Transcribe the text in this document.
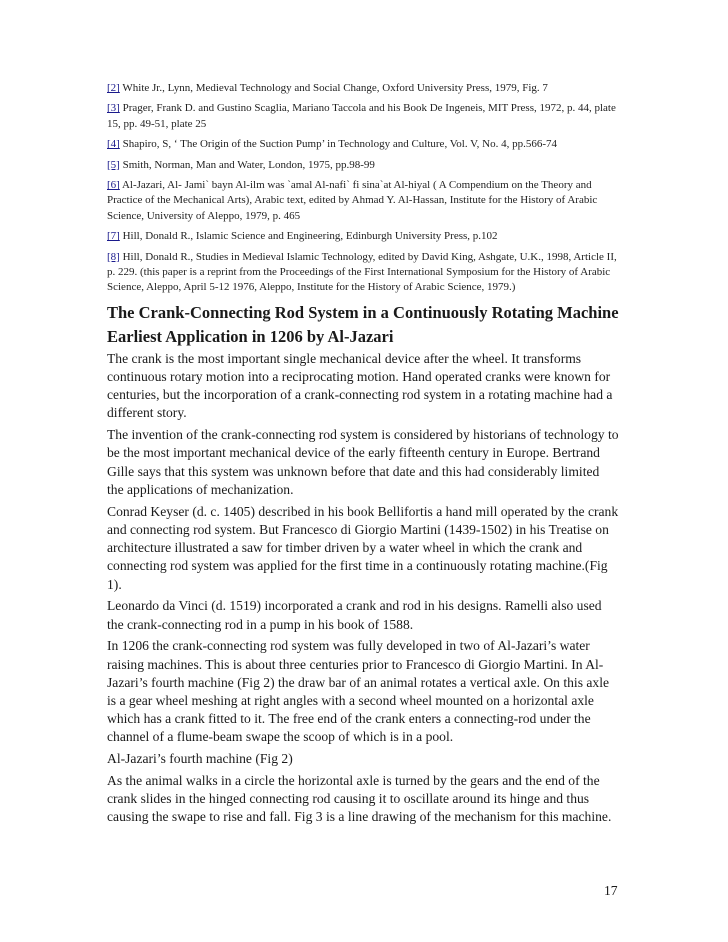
[2] White Jr., Lynn, Medieval Technology and Social Change, Oxford University Press, 1979, Fig. 7

[3] Prager, Frank D. and Gustino Scaglia, Mariano Taccola and his Book De Ingeneis, MIT Press, 1972, p. 44, plate 15, pp. 49-51, plate 25

[4] Shapiro, S, ‘ The Origin of the Suction Pump’ in Technology and Culture, Vol. V, No. 4, pp.566-74

[5] Smith, Norman, Man and Water, London, 1975, pp.98-99

[6] Al-Jazari, Al- Jami` bayn Al-ilm was `amal Al-nafi` fi sina`at Al-hiyal ( A Compendium on the Theory and Practice of the Mechanical Arts), Arabic text, edited by Ahmad Y. Al-Hassan, Institute for the History of Arabic Science, University of Aleppo, 1979, p. 465

[7] Hill, Donald R., Islamic Science and Engineering, Edinburgh University Press, p.102

[8] Hill, Donald R., Studies in Medieval Islamic Technology, edited by David King, Ashgate, U.K., 1998, Article II, p. 229. (this paper is a reprint from the Proceedings of the First International Symposium for the History of Arabic Science, Aleppo, April 5-12 1976, Aleppo, Institute for the History of Arabic Science, 1979.)

The Crank-Connecting Rod System in a Continuously Rotating Machine
Earliest Application in 1206 by Al-Jazari

The crank is the most important single mechanical device after the wheel. It transforms continuous rotary motion into a reciprocating motion. Hand operated cranks were known for centuries, but the incorporation of a crank-connecting rod system in a rotating machine had a different story.

The invention of the crank-connecting rod system is considered by historians of technology to be the most important mechanical device of the early fifteenth century in Europe. Bertrand Gille says that this system was unknown before that date and this had considerably limited the applications of mechanization.

Conrad Keyser (d. c. 1405) described in his book Bellifortis a hand mill operated by the crank and connecting rod system. But Francesco di Giorgio Martini (1439-1502) in his Treatise on architecture illustrated a saw for timber driven by a water wheel in which the crank and connecting rod system was applied for the first time in a continuously rotating machine.(Fig 1).

Leonardo da Vinci (d. 1519) incorporated a crank and rod in his designs. Ramelli also used the crank-connecting rod in a pump in his book of 1588.

In 1206 the crank-connecting rod system was fully developed in two of Al-Jazari’s water raising machines. This is about three centuries prior to Francesco di Giorgio Martini. In Al-Jazari’s fourth machine (Fig 2) the draw bar of an animal rotates a vertical axle. On this axle is a gear wheel meshing at right angles with a second wheel mounted on a horizontal axle which has a crank fitted to it. The free end of the crank enters a connecting-rod under the channel of a flume-beam swape the scoop of which is in a pool.

Al-Jazari’s fourth machine (Fig 2)

As the animal walks in a circle the horizontal axle is turned by the gears and the end of the crank slides in the hinged connecting rod causing it to oscillate around its hinge and thus causing the swape to rise and fall. Fig 3 is a line drawing of the mechanism for this machine.

17
